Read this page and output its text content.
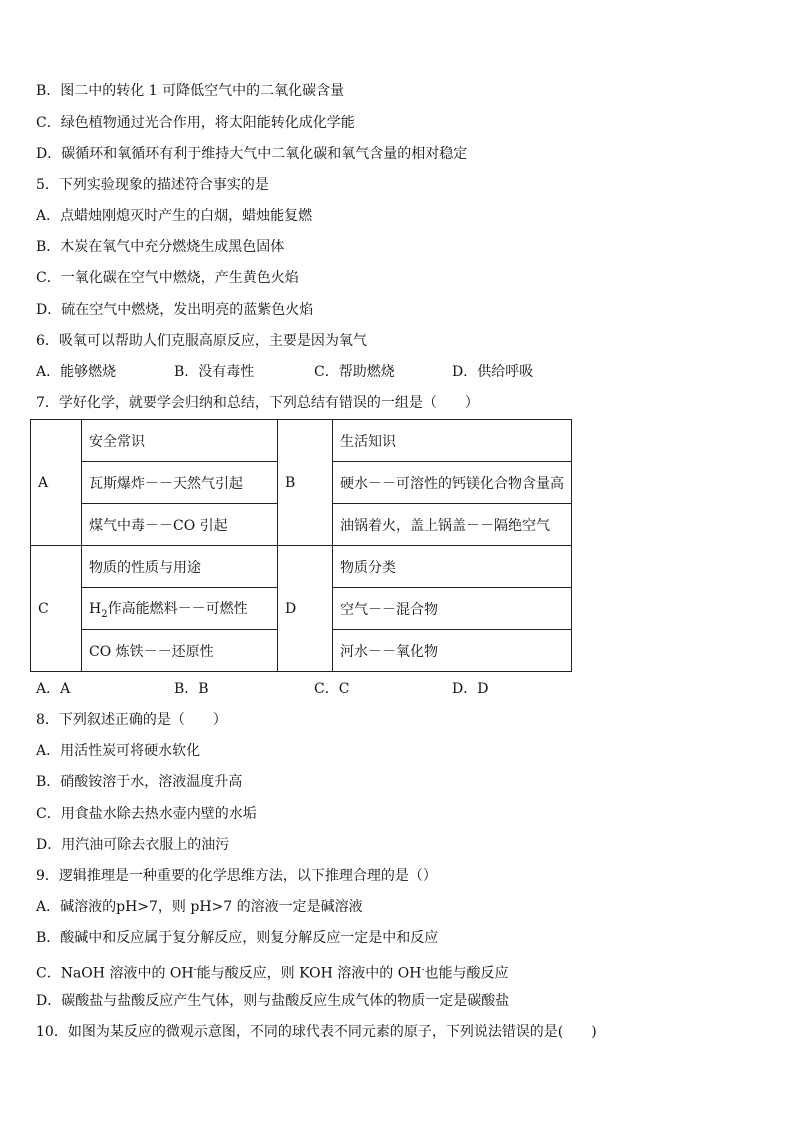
B．图二中的转化 1 可降低空气中的二氧化碳含量
C．绿色植物通过光合作用，将太阳能转化成化学能
D．碳循环和氧循环有利于维持大气中二氧化碳和氧气含量的相对稳定
5．下列实验现象的描述符合事实的是
A．点蜡烛刚熄灭时产生的白烟，蜡烛能复燃
B．木炭在氧气中充分燃烧生成黑色固体
C．一氧化碳在空气中燃烧，产生黄色火焰
D．硫在空气中燃烧，发出明亮的蓝紫色火焰
6．吸氧可以帮助人们克服高原反应，主要是因为氧气
A．能够燃烧	B．没有毒性	C．帮助燃烧	D．供给呼吸
7．学好化学，就要学会归纳和总结，下列总结有错误的一组是（　　）
A	安全常识	B	生活知识
	瓦斯爆炸－－天然气引起		硬水－－可溶性的钙镁化合物含量高
	煤气中毒－－CO 引起		油锅着火，盖上锅盖－－隔绝空气
C	物质的性质与用途	D	物质分类
	$H_2$作高能燃料－－可燃性		空气－－混合物
	CO 炼铁－－还原性		河水－－氧化物
A．A	B．B	C．C	D．D
8．下列叙述正确的是（　　）
A．用活性炭可将硬水软化
B．硝酸铵溶于水，溶液温度升高
C．用食盐水除去热水壶内壁的水垢
D．用汽油可除去衣服上的油污
9．逻辑推理是一种重要的化学思维方法，以下推理合理的是（）
A．碱溶液的pH>7，则 pH>7 的溶液一定是碱溶液
B．酸碱中和反应属于复分解反应，则复分解反应一定是中和反应
C．NaOH 溶液中的 OH-能与酸反应，则 KOH 溶液中的 OH-也能与酸反应
D．碳酸盐与盐酸反应产生气体，则与盐酸反应生成气体的物质一定是碳酸盐
10．如图为某反应的微观示意图，不同的球代表不同元素的原子，下列说法错误的是(　　)
